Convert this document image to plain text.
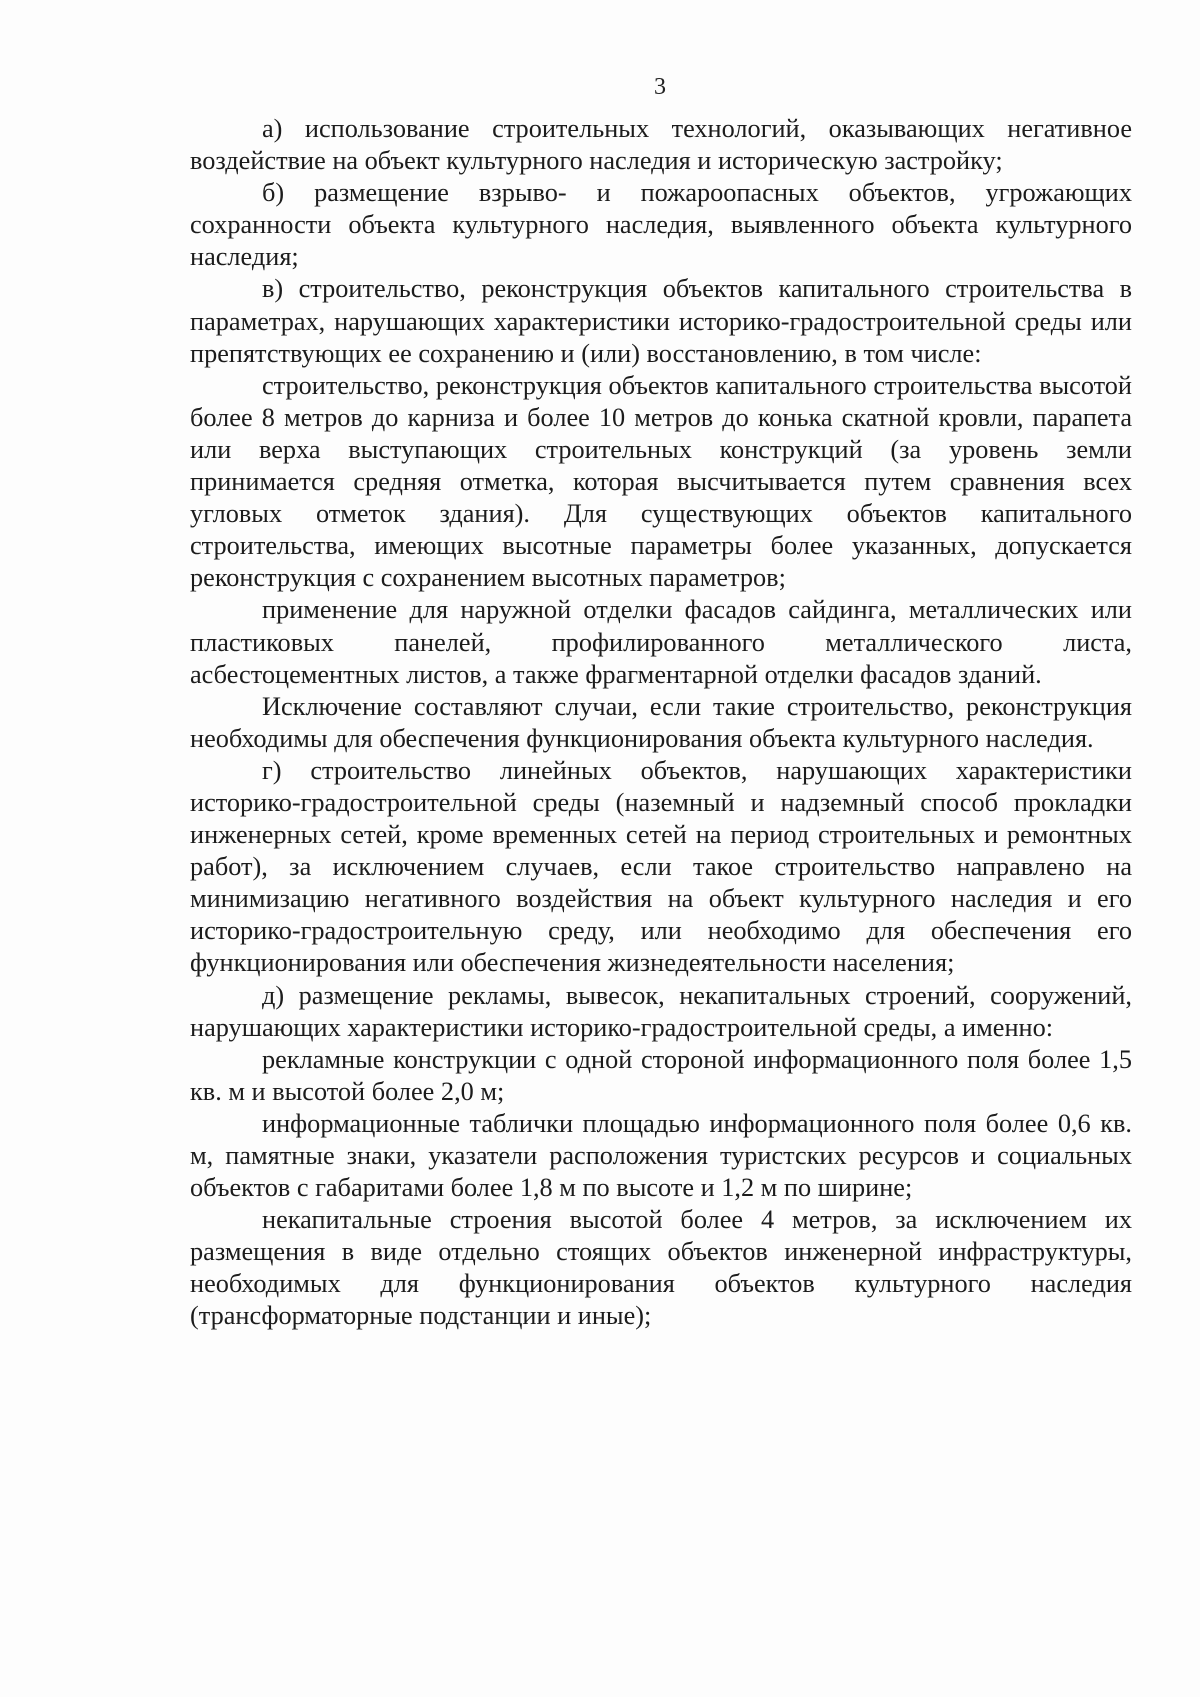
3

а) использование строительных технологий, оказывающих негативное воздействие на объект культурного наследия и историческую застройку;

б) размещение взрыво- и пожароопасных объектов, угрожающих сохранности объекта культурного наследия, выявленного объекта культурного наследия;

в) строительство, реконструкция объектов капитального строительства в параметрах, нарушающих характеристики историко-градостроительной среды или препятствующих ее сохранению и (или) восстановлению, в том числе:

строительство, реконструкция объектов капитального строительства высотой более 8 метров до карниза и более 10 метров до конька скатной кровли, парапета или верха выступающих строительных конструкций (за уровень земли принимается средняя отметка, которая высчитывается путем сравнения всех угловых отметок здания). Для существующих объектов капитального строительства, имеющих высотные параметры более указанных, допускается реконструкция с сохранением высотных параметров;

применение для наружной отделки фасадов сайдинга, металлических или пластиковых панелей, профилированного металлического листа, асбестоцементных листов, а также фрагментарной отделки фасадов зданий.

Исключение составляют случаи, если такие строительство, реконструкция необходимы для обеспечения функционирования объекта культурного наследия.

г) строительство линейных объектов, нарушающих характеристики историко-градостроительной среды (наземный и надземный способ прокладки инженерных сетей, кроме временных сетей на период строительных и ремонтных работ), за исключением случаев, если такое строительство направлено на минимизацию негативного воздействия на объект культурного наследия и его историко-градостроительную среду, или необходимо для обеспечения его функционирования или обеспечения жизнедеятельности населения;

д) размещение рекламы, вывесок, некапитальных строений, сооружений, нарушающих характеристики историко-градостроительной среды, а именно:

рекламные конструкции с одной стороной информационного поля более 1,5 кв. м и высотой более 2,0 м;

информационные таблички площадью информационного поля более 0,6 кв. м, памятные знаки, указатели расположения туристских ресурсов и социальных объектов с габаритами более 1,8 м по высоте и 1,2 м по ширине;

некапитальные строения высотой более 4 метров, за исключением их размещения в виде отдельно стоящих объектов инженерной инфраструктуры, необходимых для функционирования объектов культурного наследия (трансформаторные подстанции и иные);
